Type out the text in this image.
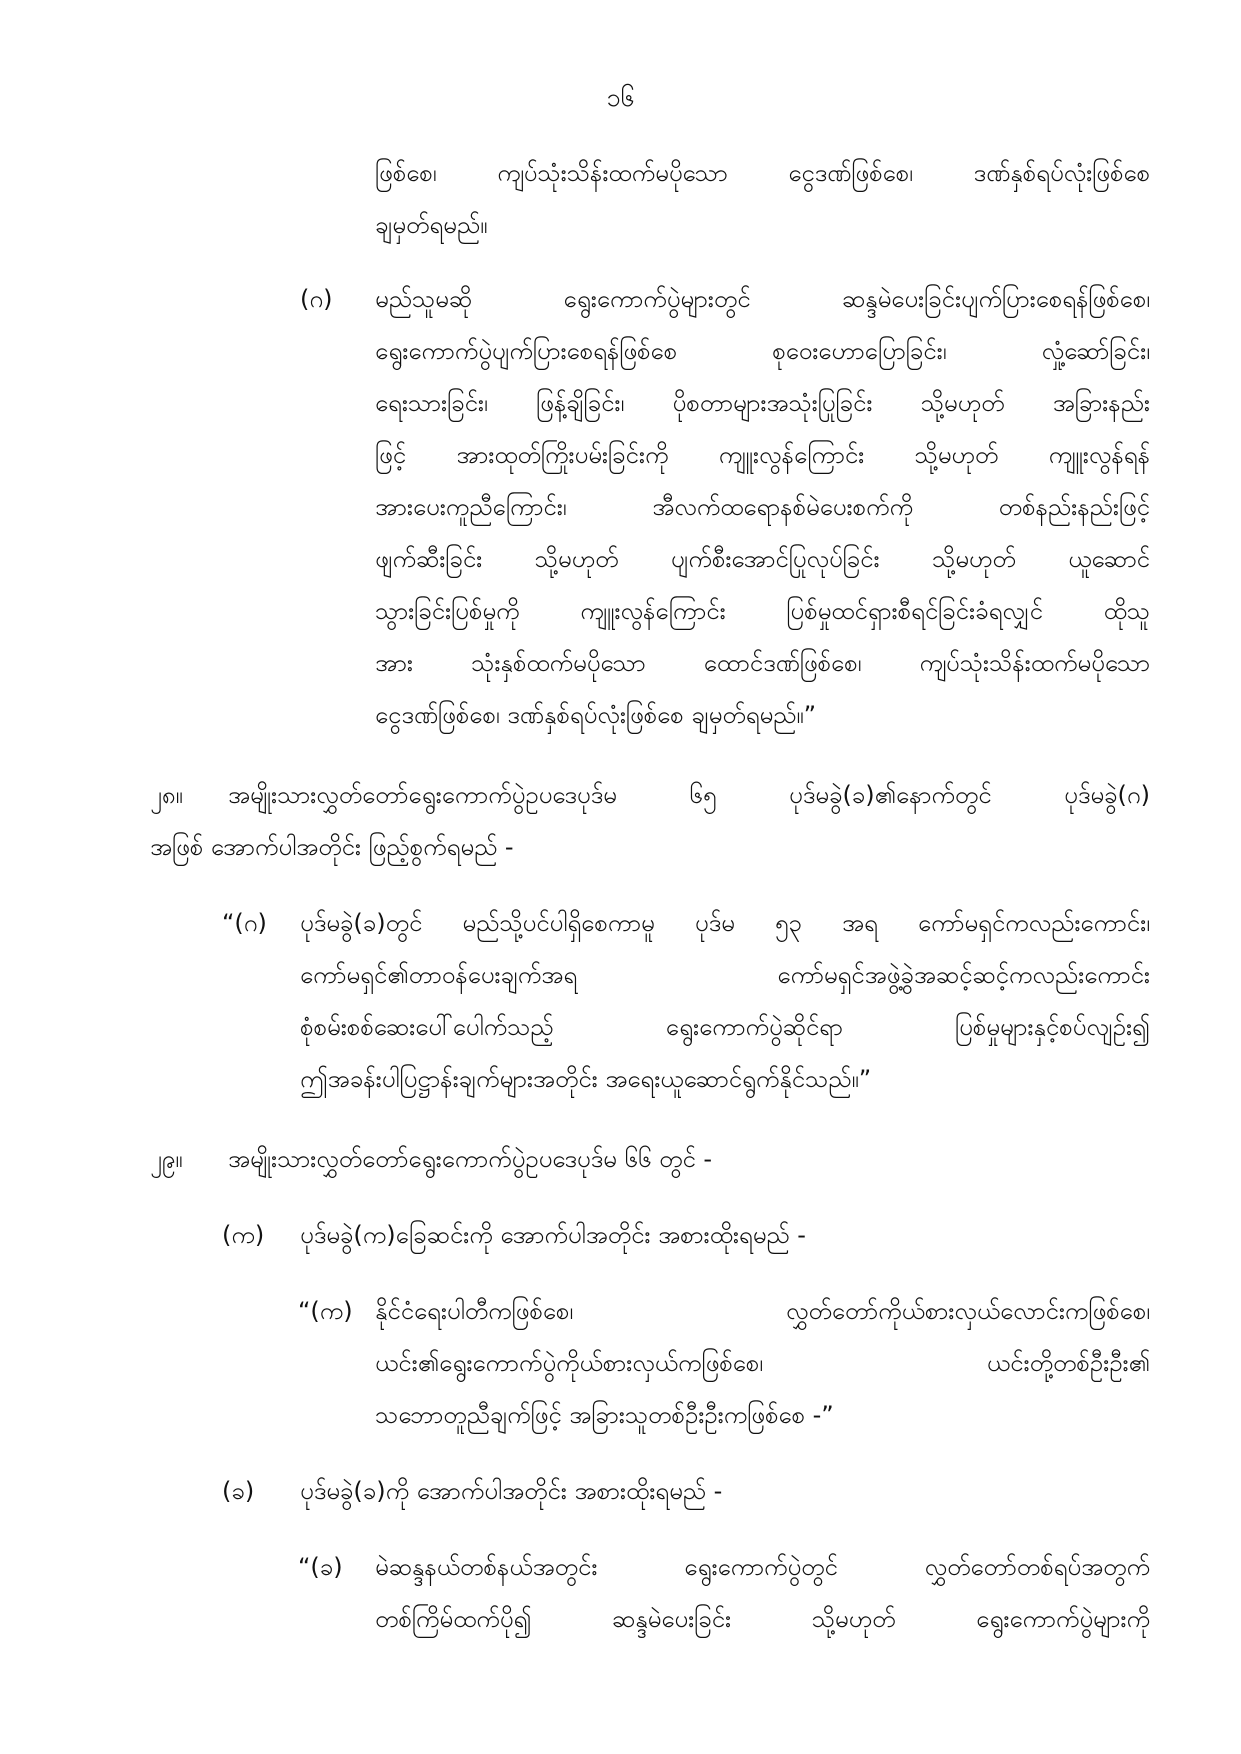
၁၆
ဖြစ်စေ၊ ကျပ်သုံးသိန်းထက်မပိုသော ငွေဒဏ်ဖြစ်စေ၊ ဒဏ်နှစ်ရပ်လုံးဖြစ်စေ
ချမှတ်ရမည်။
(ဂ) မည်သူမဆို ရွေးကောက်ပွဲများတွင် ဆန္ဒမဲပေးခြင်းပျက်ပြားစေရန်ဖြစ်စေ၊
ရွေးကောက်ပွဲပျက်ပြားစေရန်ဖြစ်စေ စုဝေးဟောပြောခြင်း၊ လှုံ့ဆော်ခြင်း၊
ရေးသားခြင်း၊ ဖြန့်ချိခြင်း၊ ပိုစတာများအသုံးပြုခြင်း သို့မဟုတ် အခြားနည်း
ဖြင့် အားထုတ်ကြိုးပမ်းခြင်းကို ကျူးလွန်ကြောင်း သို့မဟုတ် ကျူးလွန်ရန်
အားပေးကူညီကြောင်း၊ အီလက်ထရောနစ်မဲပေးစက်ကို တစ်နည်းနည်းဖြင့်
ဖျက်ဆီးခြင်း သို့မဟုတ် ပျက်စီးအောင်ပြုလုပ်ခြင်း သို့မဟုတ် ယူဆောင်
သွားခြင်းပြစ်မှုကို ကျူးလွန်ကြောင်း ပြစ်မှုထင်ရှားစီရင်ခြင်းခံရလျှင် ထိုသူ
အား သုံးနှစ်ထက်မပိုသော ထောင်ဒဏ်ဖြစ်စေ၊ ကျပ်သုံးသိန်းထက်မပိုသော
ငွေဒဏ်ဖြစ်စေ၊ ဒဏ်နှစ်ရပ်လုံးဖြစ်စေ ချမှတ်ရမည်။”
၂၈။ အမျိုးသားလွှတ်တော်ရွေးကောက်ပွဲဥပဒေပုဒ်မ ၆၅ ပုဒ်မခွဲ(ခ)၏နောက်တွင် ပုဒ်မခွဲ(ဂ)
အဖြစ် အောက်ပါအတိုင်း ဖြည့်စွက်ရမည် -
“(ဂ) ပုဒ်မခွဲ(ခ)တွင် မည်သို့ပင်ပါရှိစေကာမူ ပုဒ်မ ၅၃ အရ ကော်မရှင်ကလည်းကောင်း၊
ကော်မရှင်၏တာဝန်ပေးချက်အရ ကော်မရှင်အဖွဲ့ခွဲအဆင့်ဆင့်ကလည်းကောင်း
စုံစမ်းစစ်ဆေးပေါ်ပေါက်သည့် ရွေးကောက်ပွဲဆိုင်ရာ ပြစ်မှုများနှင့်စပ်လျဉ်း၍
ဤအခန်းပါပြဋ္ဌာန်းချက်များအတိုင်း အရေးယူဆောင်ရွက်နိုင်သည်။”
၂၉။ အမျိုးသားလွှတ်တော်ရွေးကောက်ပွဲဥပဒေပုဒ်မ ၆၆ တွင် -
(က) ပုဒ်မခွဲ(က)ခြေဆင်းကို အောက်ပါအတိုင်း အစားထိုးရမည် -
“(က) နိုင်ငံရေးပါတီကဖြစ်စေ၊ လွှတ်တော်ကိုယ်စားလှယ်လောင်းကဖြစ်စေ၊
ယင်း၏ရွေးကောက်ပွဲကိုယ်စားလှယ်ကဖြစ်စေ၊ ယင်းတို့တစ်ဦးဦး၏
သဘောတူညီချက်ဖြင့် အခြားသူတစ်ဦးဦးကဖြစ်စေ -”
(ခ) ပုဒ်မခွဲ(ခ)ကို အောက်ပါအတိုင်း အစားထိုးရမည် -
“(ခ) မဲဆန္ဒနယ်တစ်နယ်အတွင်း ရွေးကောက်ပွဲတွင် လွှတ်တော်တစ်ရပ်အတွက်
တစ်ကြိမ်ထက်ပို၍ ဆန္ဒမဲပေးခြင်း သို့မဟုတ် ရွေးကောက်ပွဲများကို
